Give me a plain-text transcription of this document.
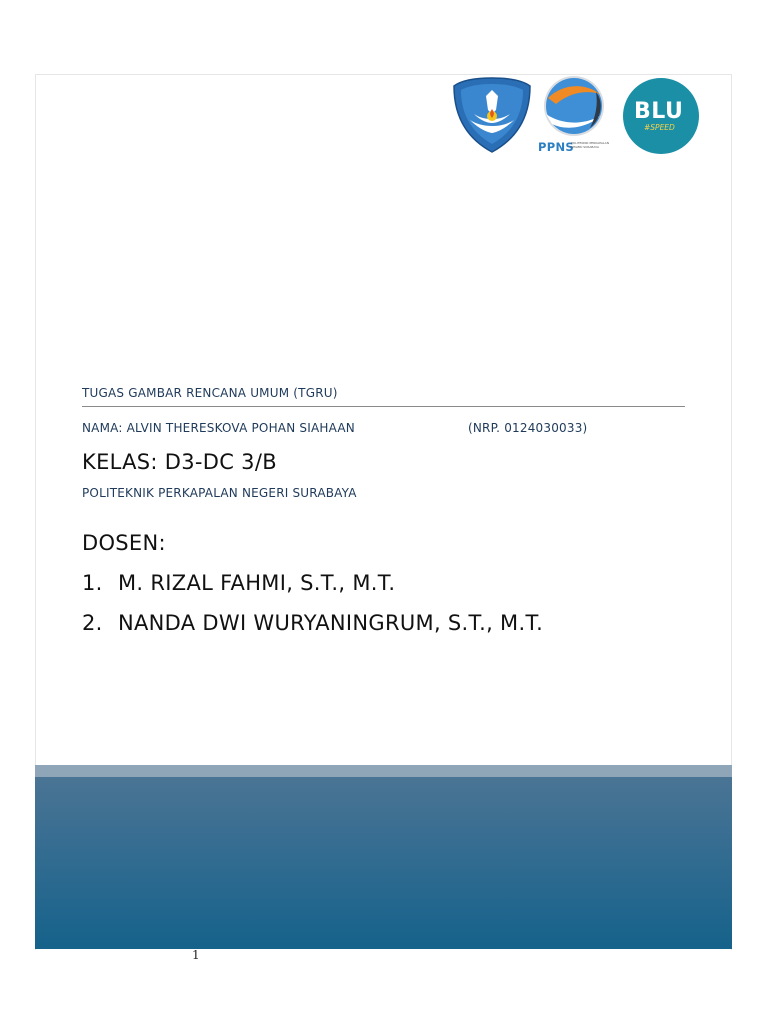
PPNS
POLITEKNIK PERKAPALAN NEGERI SURABAYA
BLU
#SPEED
TUGAS GAMBAR RENCANA UMUM (TGRU)
NAMA: ALVIN THERESKOVA POHAN SIAHAAN	(NRP. 0124030033)
KELAS: D3-DC 3/B
POLITEKNIK PERKAPALAN NEGERI SURABAYA
DOSEN:
1. M. RIZAL FAHMI, S.T., M.T.
2. NANDA DWI WURYANINGRUM, S.T., M.T.
1
